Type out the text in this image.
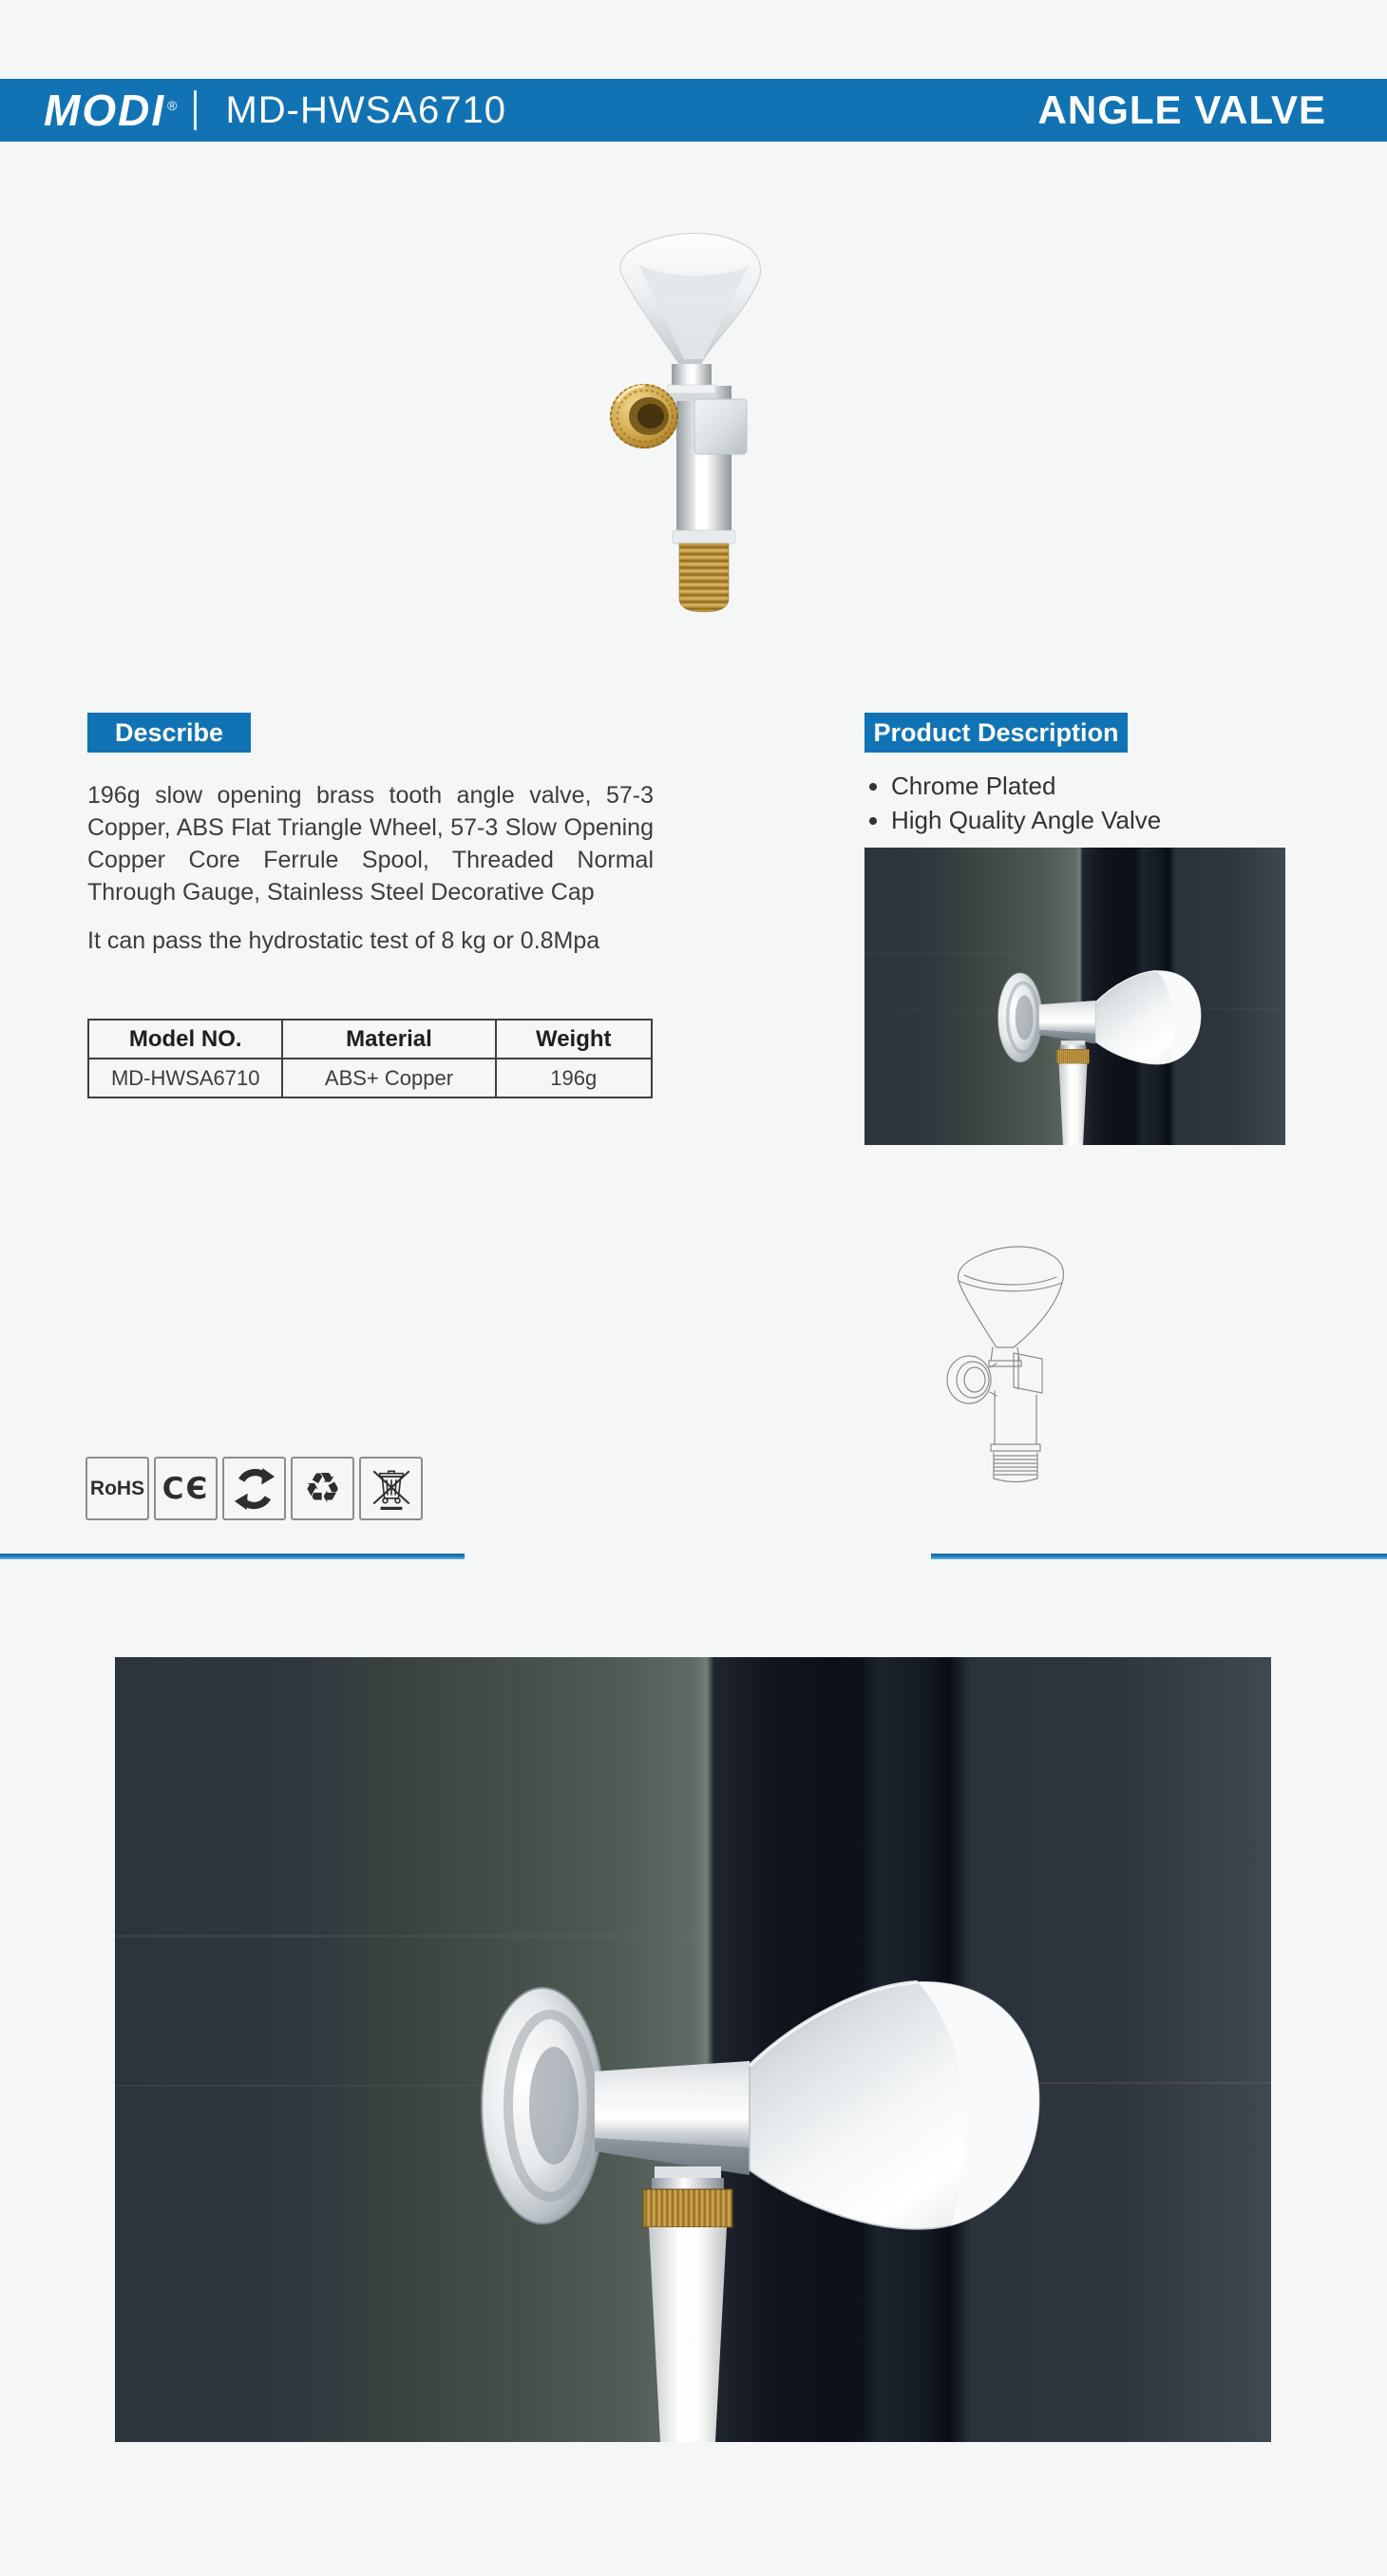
MODI ® MD-HWSA6710	ANGLE VALVE
Describe

196g slow opening brass tooth angle valve, 57-3 Copper, ABS Flat Triangle Wheel, 57-3 Slow Opening Copper Core Ferrule Spool, Threaded Normal Through Gauge, Stainless Steel Decorative Cap

It can pass the hydrostatic test of 8 kg or 0.8Mpa

Model NO.	Material	Weight
MD-HWSA6710	ABS+ Copper	196g
Product Description
• Chrome Plated
• High Quality Angle Valve
RoHS CЄ ♻
